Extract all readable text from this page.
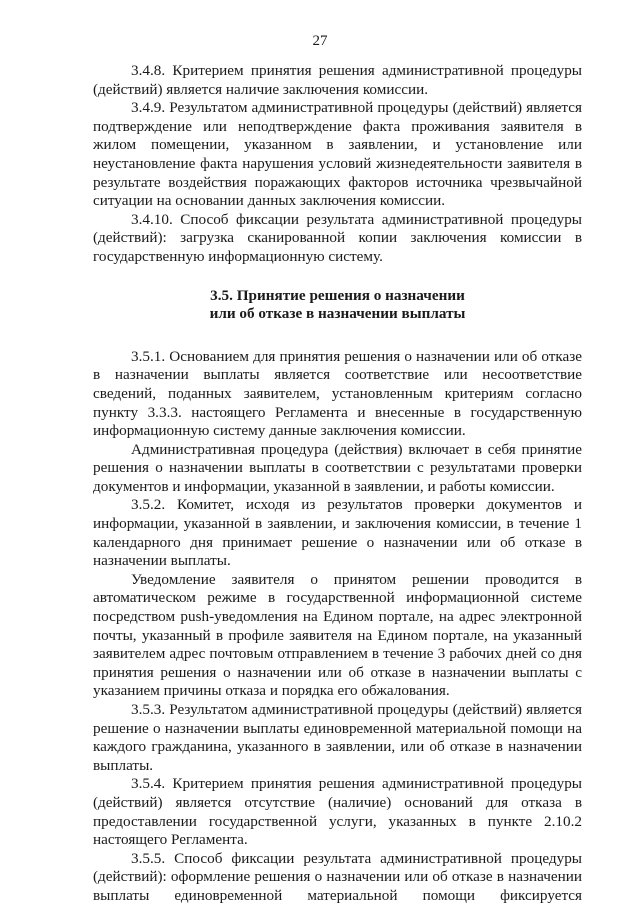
27

3.4.8. Критерием принятия решения административной процедуры (действий) является наличие заключения комиссии.

3.4.9. Результатом административной процедуры (действий) является подтверждение или неподтверждение факта проживания заявителя в жилом помещении, указанном в заявлении, и установление или неустановление факта нарушения условий жизнедеятельности заявителя в результате воздействия поражающих факторов источника чрезвычайной ситуации на основании данных заключения комиссии.

3.4.10. Способ фиксации результата административной процедуры (действий): загрузка сканированной копии заключения комиссии в государственную информационную систему.

3.5. Принятие решения о назначении
или об отказе в назначении выплаты

3.5.1. Основанием для принятия решения о назначении или об отказе в назначении выплаты является соответствие или несоответствие сведений, поданных заявителем, установленным критериям согласно пункту 3.3.3. настоящего Регламента и внесенные в государственную информационную систему данные заключения комиссии.

Административная процедура (действия) включает в себя принятие решения о назначении выплаты в соответствии с результатами проверки документов и информации, указанной в заявлении, и работы комиссии.

3.5.2. Комитет, исходя из результатов проверки документов и информации, указанной в заявлении, и заключения комиссии, в течение 1 календарного дня принимает решение о назначении или об отказе в назначении выплаты.

Уведомление заявителя о принятом решении проводится в автоматическом режиме в государственной информационной системе посредством push-уведомления на Едином портале, на адрес электронной почты, указанный в профиле заявителя на Едином портале, на указанный заявителем адрес почтовым отправлением в течение 3 рабочих дней со дня принятия решения о назначении или об отказе в назначении выплаты с указанием причины отказа и порядка его обжалования.

3.5.3. Результатом административной процедуры (действий) является решение о назначении выплаты единовременной материальной помощи на каждого гражданина, указанного в заявлении, или об отказе в назначении выплаты.

3.5.4. Критерием принятия решения административной процедуры (действий) является отсутствие (наличие) оснований для отказа в предоставлении государственной услуги, указанных в пункте 2.10.2 настоящего Регламента.

3.5.5. Способ фиксации результата административной процедуры (действий): оформление решения о назначении или об отказе в назначении выплаты единовременной материальной помощи фиксируется
